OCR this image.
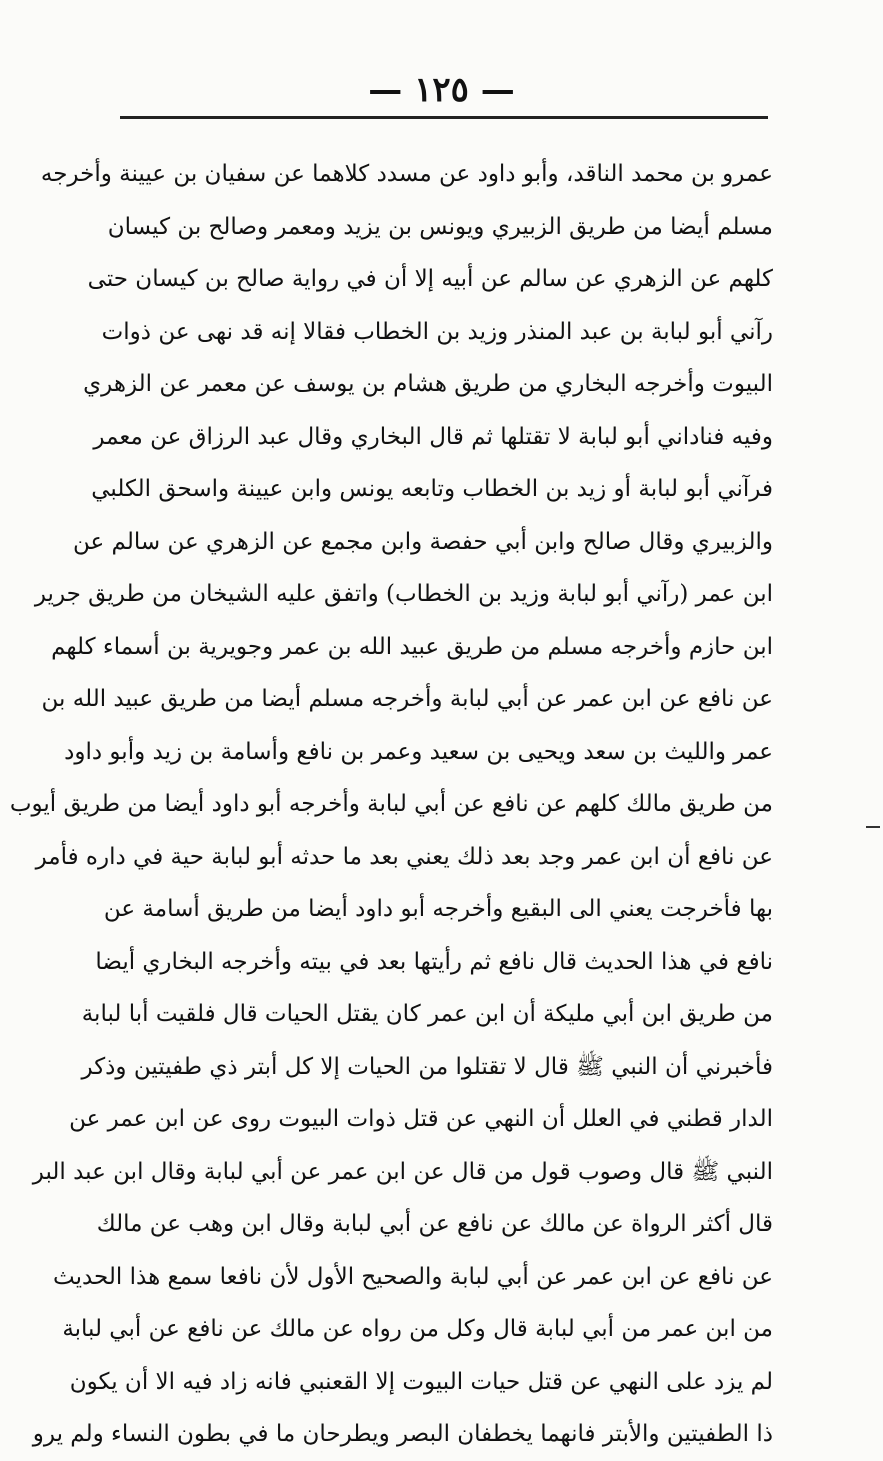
— ١٢٥ —
عمرو بن محمد الناقد، وأبو داود عن مسدد كلاهما عن سفيان بن عيينة وأخرجه
مسلم أيضا من طريق الزبيري ويونس بن يزيد ومعمر وصالح بن كيسان
كلهم عن الزهري عن سالم عن أبيه إلا أن في رواية صالح بن كيسان حتى
رآني أبو لبابة بن عبد المنذر وزيد بن الخطاب فقالا إنه قد نهى عن ذوات
البيوت وأخرجه البخاري من طريق هشام بن يوسف عن معمر عن الزهري
وفيه فناداني أبو لبابة لا تقتلها ثم قال البخاري وقال عبد الرزاق عن معمر
فرآني أبو لبابة أو زيد بن الخطاب وتابعه يونس وابن عيينة واسحق الكلبي
والزبيري وقال صالح وابن أبي حفصة وابن مجمع عن الزهري عن سالم عن
ابن عمر (رآني أبو لبابة وزيد بن الخطاب) واتفق عليه الشيخان من طريق جرير
ابن حازم وأخرجه مسلم من طريق عبيد الله بن عمر وجويرية بن أسماء كلهم
عن نافع عن ابن عمر عن أبي لبابة وأخرجه مسلم أيضا من طريق عبيد الله بن
عمر والليث بن سعد ويحيى بن سعيد وعمر بن نافع وأسامة بن زيد وأبو داود
من طريق مالك كلهم عن نافع عن أبي لبابة وأخرجه أبو داود أيضا من طريق أيوب
عن نافع أن ابن عمر وجد بعد ذلك يعني بعد ما حدثه أبو لبابة حية في داره فأمر
بها فأخرجت يعني الى البقيع وأخرجه أبو داود أيضا من طريق أسامة عن
نافع في هذا الحديث قال نافع ثم رأيتها بعد في بيته وأخرجه البخاري أيضا
من طريق ابن أبي مليكة أن ابن عمر كان يقتل الحيات قال فلقيت أبا لبابة
فأخبرني أن النبي ﷺ قال لا تقتلوا من الحيات إلا كل أبتر ذي طفيتين وذكر
الدار قطني في العلل أن النهي عن قتل ذوات البيوت روى عن ابن عمر عن
النبي ﷺ قال وصوب قول من قال عن ابن عمر عن أبي لبابة وقال ابن عبد البر
قال أكثر الرواة عن مالك عن نافع عن أبي لبابة وقال ابن وهب عن مالك
عن نافع عن ابن عمر عن أبي لبابة والصحيح الأول لأن نافعا سمع هذا الحديث
من ابن عمر من أبي لبابة قال وكل من رواه عن مالك عن نافع عن أبي لبابة
لم يزد على النهي عن قتل حيات البيوت إلا القعنبي فانه زاد فيه الا أن يكون
ذا الطفيتين والأبتر فانهما يخطفان البصر ويطرحان ما في بطون النساء ولم يرو
